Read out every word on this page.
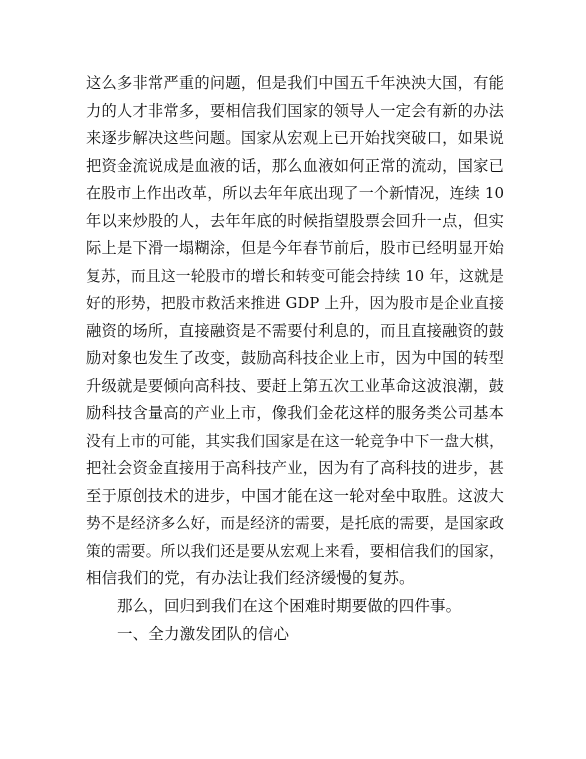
这么多非常严重的问题，但是我们中国五千年泱泱大国，有能
力的人才非常多，要相信我们国家的领导人一定会有新的办法
来逐步解决这些问题。国家从宏观上已开始找突破口，如果说
把资金流说成是血液的话，那么血液如何正常的流动，国家已
在股市上作出改革，所以去年年底出现了一个新情况，连续 10
年以来炒股的人，去年年底的时候指望股票会回升一点，但实
际上是下滑一塌糊涂，但是今年春节前后，股市已经明显开始
复苏，而且这一轮股市的增长和转变可能会持续 10 年，这就是
好的形势，把股市救活来推进 GDP 上升，因为股市是企业直接
融资的场所，直接融资是不需要付利息的，而且直接融资的鼓
励对象也发生了改变，鼓励高科技企业上市，因为中国的转型
升级就是要倾向高科技、要赶上第五次工业革命这波浪潮，鼓
励科技含量高的产业上市，像我们金花这样的服务类公司基本
没有上市的可能，其实我们国家是在这一轮竞争中下一盘大棋，
把社会资金直接用于高科技产业，因为有了高科技的进步，甚
至于原创技术的进步，中国才能在这一轮对垒中取胜。这波大
势不是经济多么好，而是经济的需要，是托底的需要，是国家政
策的需要。所以我们还是要从宏观上来看，要相信我们的国家，
相信我们的党，有办法让我们经济缓慢的复苏。
那么，回归到我们在这个困难时期要做的四件事。
一、全力激发团队的信心
